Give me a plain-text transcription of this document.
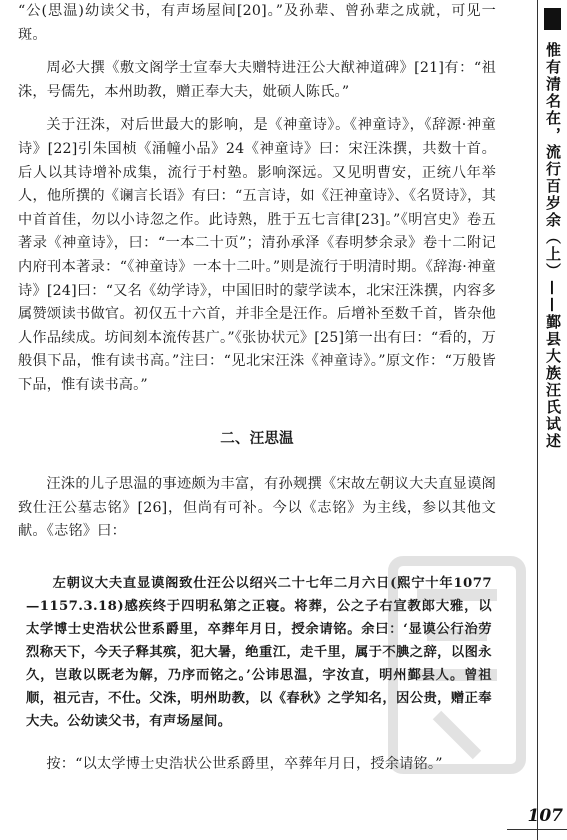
“公(思温)幼读父书，有声场屋间[20]。”及孙辈、曾孙辈之成就，可见一斑。

周必大撰《敷文阁学士宣奉大夫赠特进汪公大猷神道碑》[21]有：“祖洙，号儒先，本州助教，赠正奉大夫，妣硕人陈氏。”

关于汪洙，对后世最大的影响，是《神童诗》。《神童诗》，《辞源·神童诗》[22]引朱国桢《涌幢小品》24《神童诗》曰：宋汪洙撰，共数十首。后人以其诗增补成集，流行于村塾。影响深远。又见明曹安，正统八年举人，他所撰的《谰言长语》有曰：“五言诗，如《汪神童诗》、《名贤诗》，其中首首佳，勿以小诗忽之作。此诗熟，胜于五七言律[23]。”《明宫史》卷五著录《神童诗》，曰：“一本二十页”；清孙承泽《春明梦余录》卷十二附记内府刊本著录：“《神童诗》一本十二叶。”则是流行于明清时期。《辞海·神童诗》[24]曰：“又名《幼学诗》，中国旧时的蒙学读本，北宋汪洙撰，内容多属赞颂读书做官。初仅五十六首，并非全是汪作。后增补至数千首，皆杂他人作品续成。坊间刻本流传甚广。”《张协状元》[25]第一出有曰：“看的，万般俱下品，惟有读书高。”注曰：“见北宋汪洙《神童诗》。”原文作：“万般皆下品，惟有读书高。”

二、汪思温

汪洙的儿子思温的事迹颇为丰富，有孙觌撰《宋故左朝议大夫直显谟阁致仕汪公墓志铭》[26]，但尚有可补。今以《志铭》为主线，参以其他文献。《志铭》曰：

左朝议大夫直显谟阁致仕汪公以绍兴二十七年二月六日(熙宁十年1077—1157.3.18)感疾终于四明私第之正寝。将葬，公之子右宣教郎大雅，以太学博士史浩状公世系爵里，卒葬年月日，授余请铭。余曰：‘显谟公行治劳烈称天下，今天子释其殡，犯大暑，绝重江，走千里，属于不腆之辞，以图永久，岂敢以既老为解，乃序而铭之。’公讳思温，字汝直，明州鄞县人。曾祖顺，祖元吉，不仕。父洙，明州助教，以《春秋》之学知名，因公贵，赠正奉大夫。公幼读父书，有声场屋间。

按：“以太学博士史浩状公世系爵里，卒葬年月日，授余请铭。”

惟有清名在，流行百岁余（上）——鄞县大族汪氏试述
107
